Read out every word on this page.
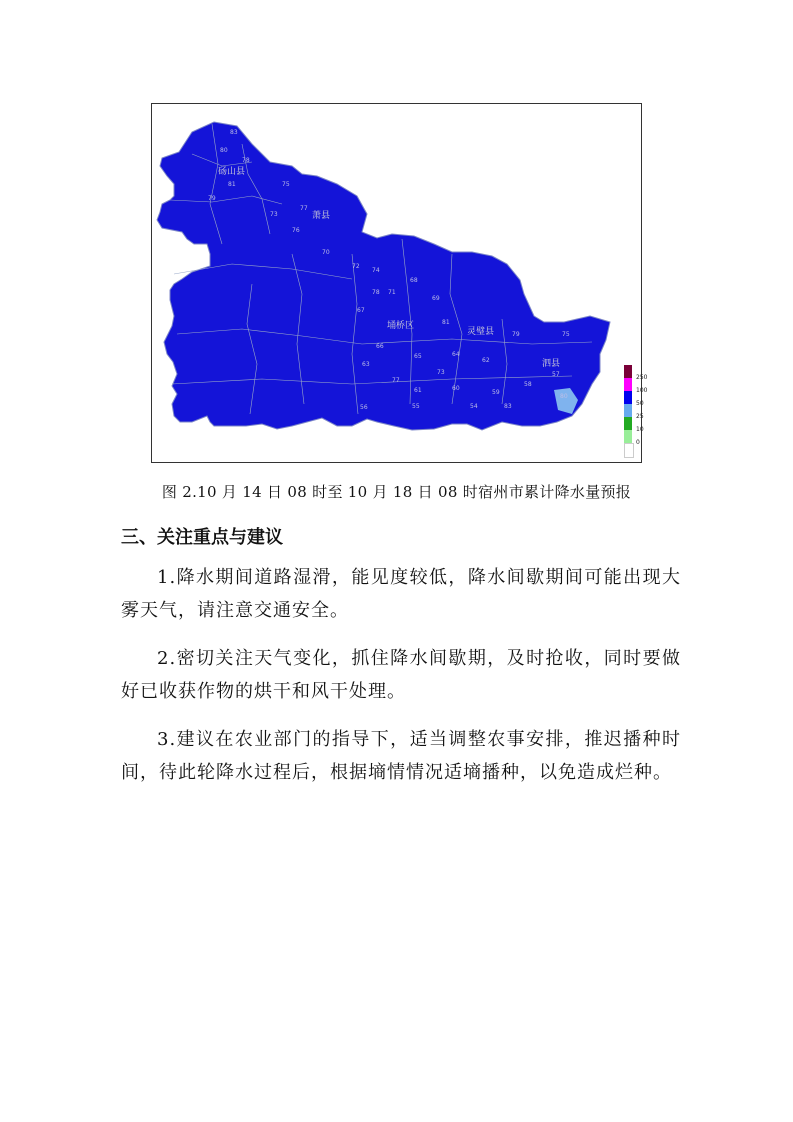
砀山县
萧县
埇桥区
灵璧县
泗县
83
80
78
81
79
75
77
73
76
70
72
74
71
68
69
67
66
65	64
62
63
61	60
59
58
57
56	55	54	83
80
78
81
79	75
77
73
250
100
50
25
10
0
图 2.10 月 14 日 08 时至 10 月 18 日 08 时宿州市累计降水量预报
三、关注重点与建议
1.降水期间道路湿滑，能见度较低，降水间歇期间可能出现大雾天气，请注意交通安全。
2.密切关注天气变化，抓住降水间歇期，及时抢收，同时要做好已收获作物的烘干和风干处理。
3.建议在农业部门的指导下，适当调整农事安排，推迟播种时间，待此轮降水过程后，根据墒情情况适墒播种，以免造成烂种。
